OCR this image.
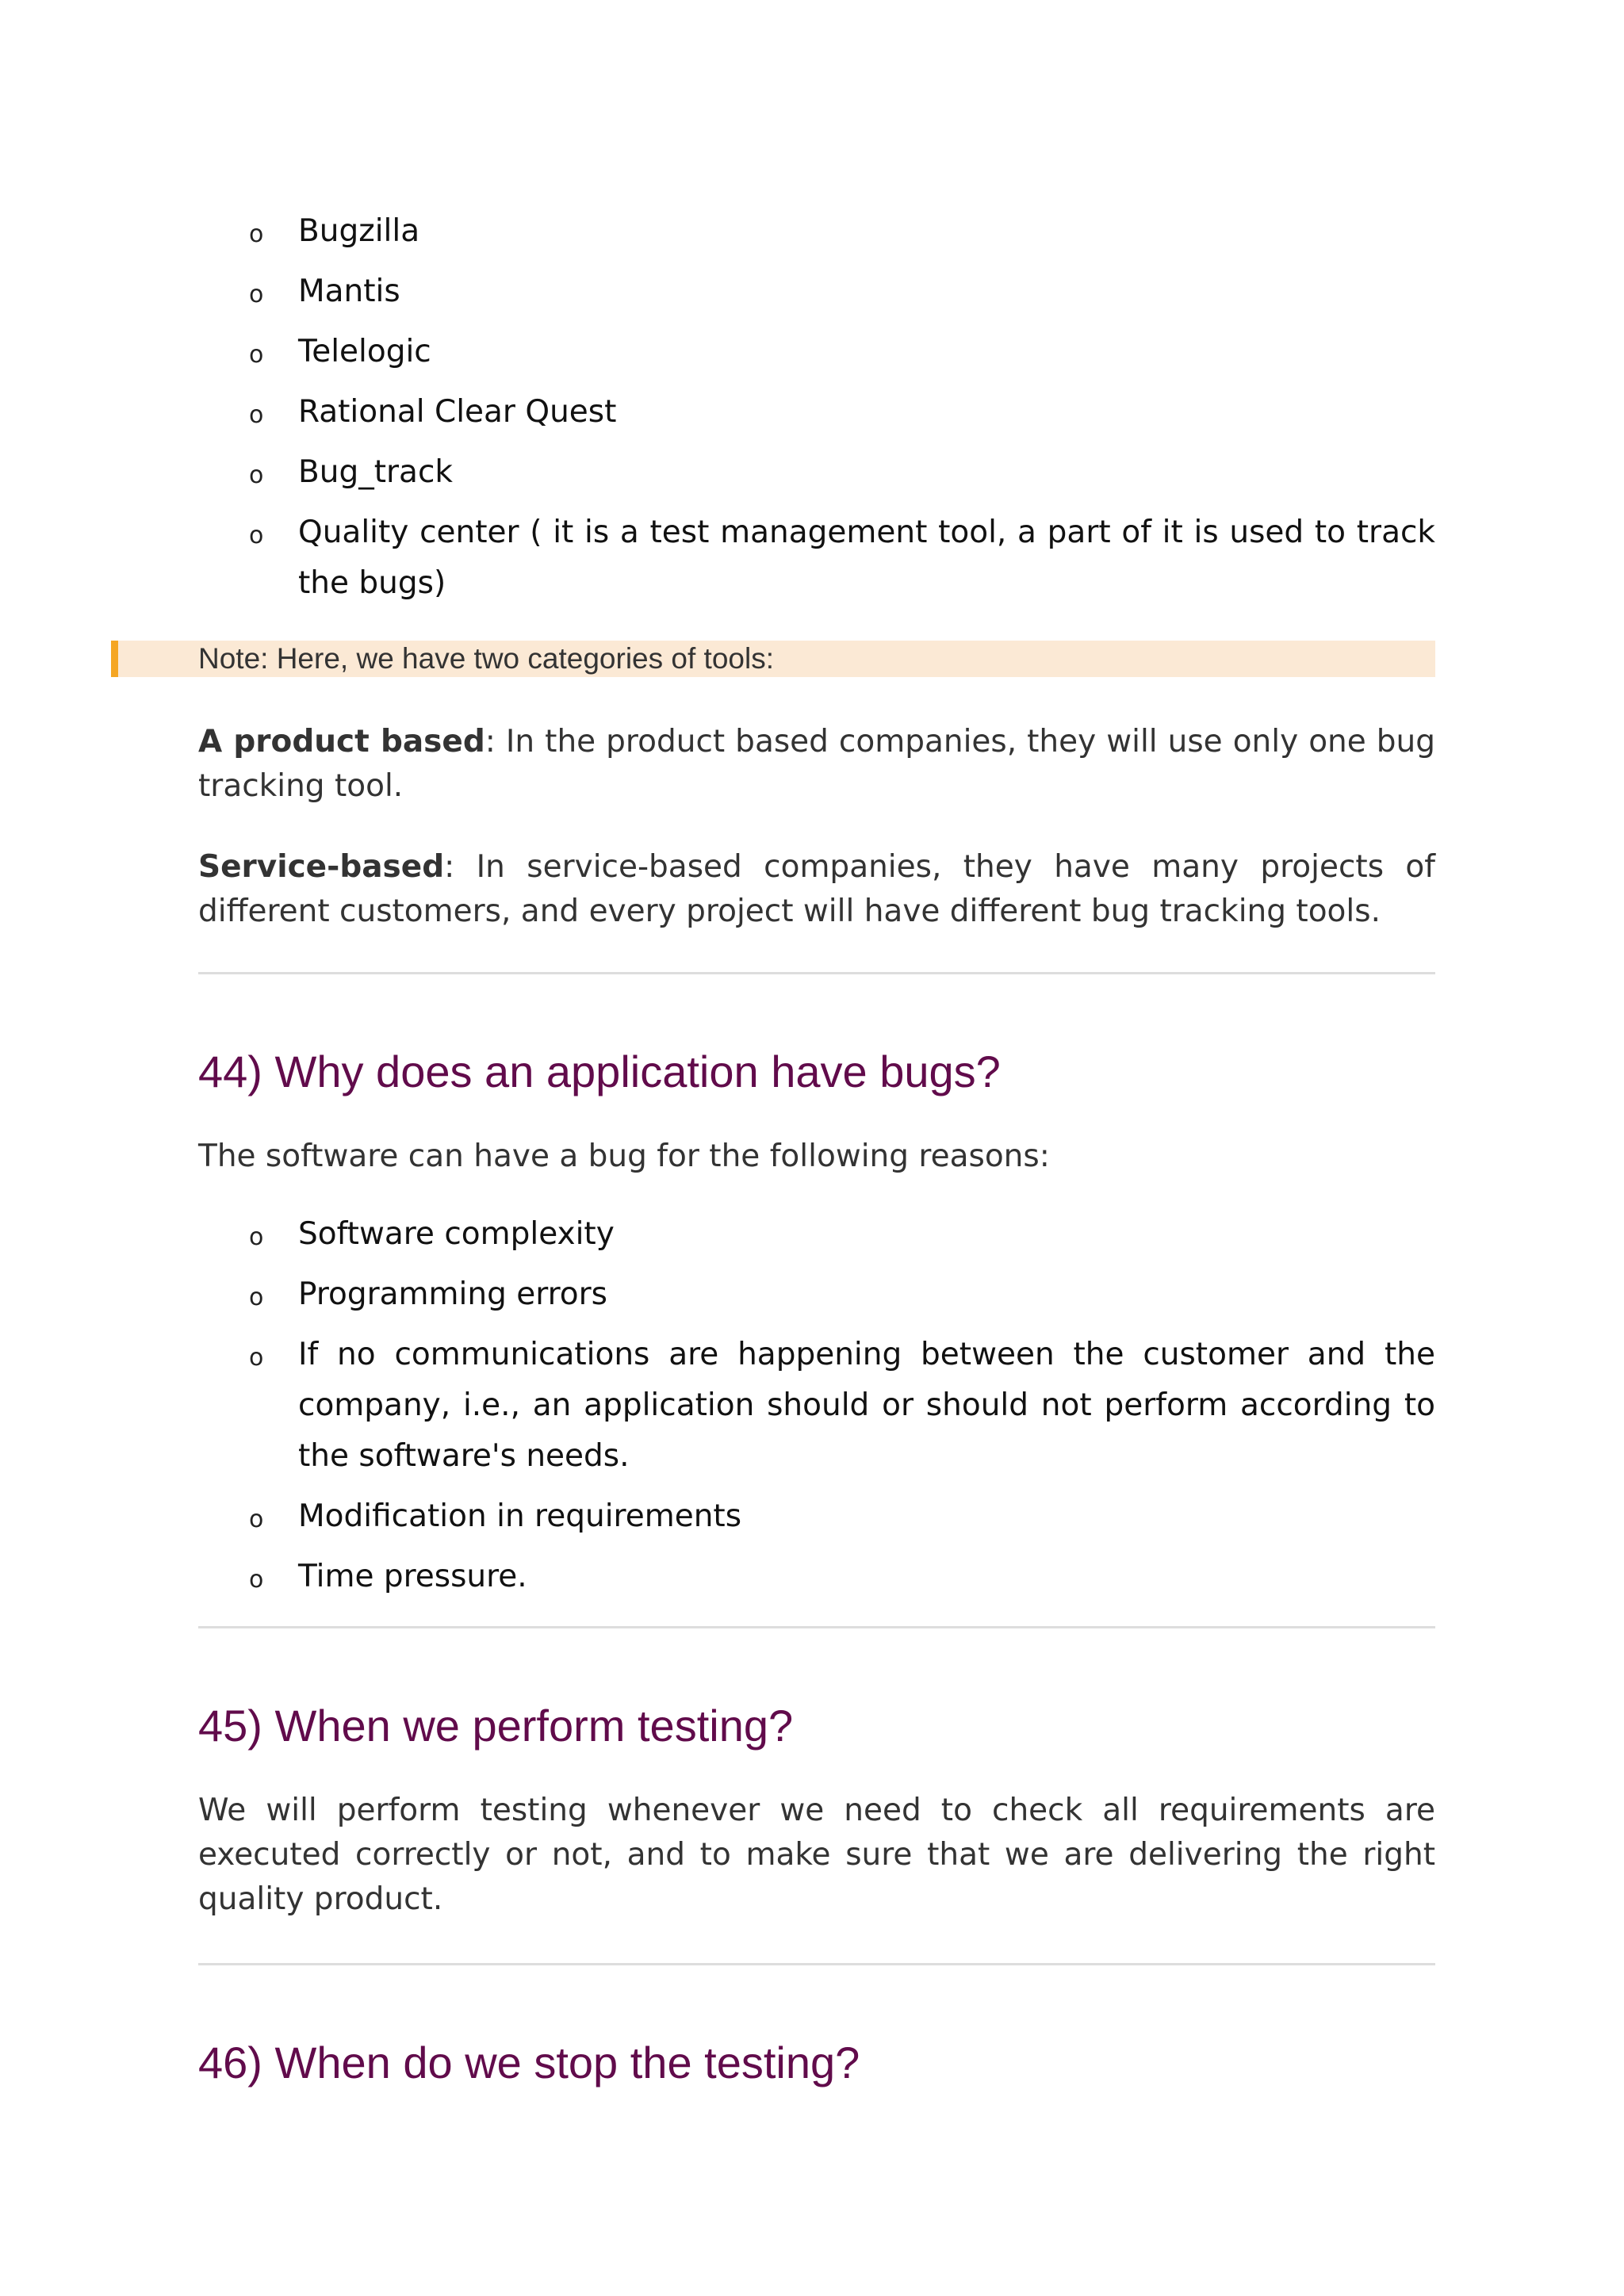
o Bugzilla
o Mantis
o Telelogic
o Rational Clear Quest
o Bug_track
o Quality center ( it is a test management tool, a part of it is used to track the bugs)
Note: Here, we have two categories of tools:

A product based: In the product based companies, they will use only one bug tracking tool.

Service-based: In service-based companies, they have many projects of different customers, and every project will have different bug tracking tools.

44) Why does an application have bugs?

The software can have a bug for the following reasons:

o Software complexity
o Programming errors
o If no communications are happening between the customer and the company, i.e., an application should or should not perform according to the software's needs.
o Modification in requirements
o Time pressure.
45) When we perform testing?

We will perform testing whenever we need to check all requirements are executed correctly or not, and to make sure that we are delivering the right quality product.

46) When do we stop the testing?
